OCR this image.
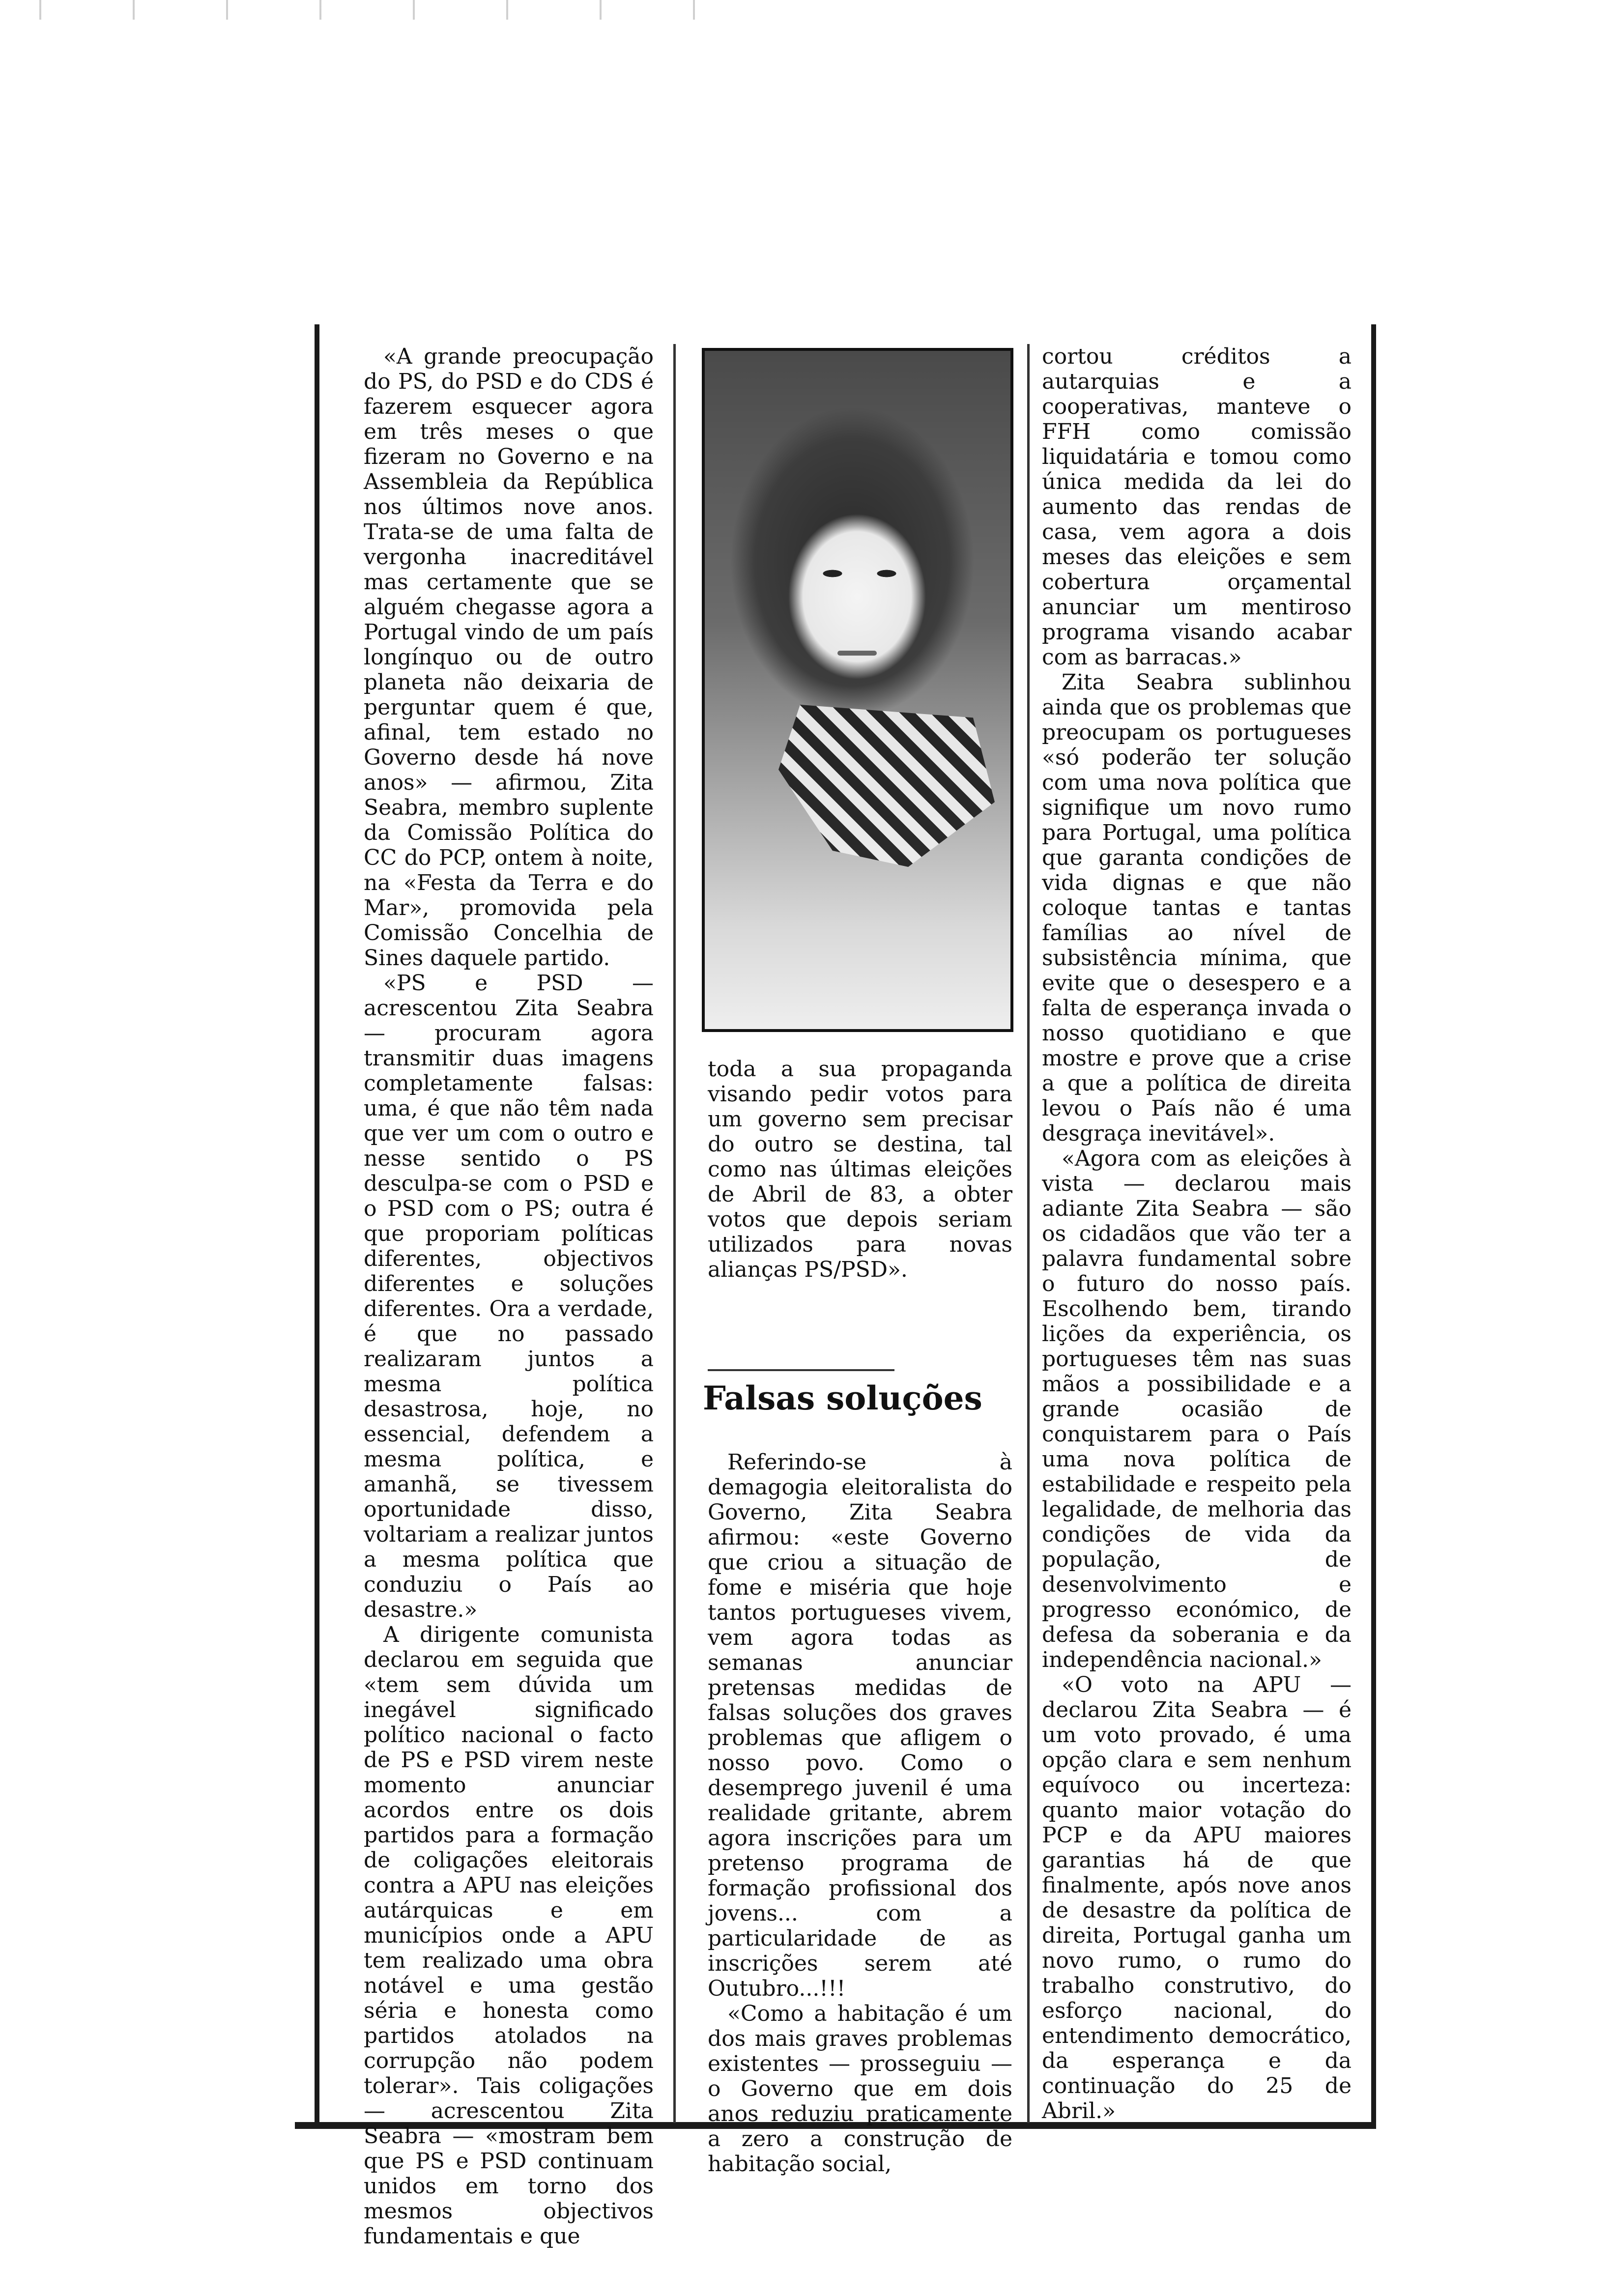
«A grande preocupação do PS, do PSD e do CDS é fazerem esquecer agora em três meses o que fizeram no Governo e na Assembleia da República nos últimos nove anos. Trata-se de uma falta de vergonha inacreditável mas certamente que se alguém chegasse agora a Portugal vindo de um país longínquo ou de outro planeta não deixaria de perguntar quem é que, afinal, tem estado no Governo desde há nove anos» — afirmou, Zita Seabra, membro suplente da Comissão Política do CC do PCP, ontem à noite, na «Festa da Terra e do Mar», promovida pela Comissão Concelhia de Sines daquele partido.

«PS e PSD — acrescentou Zita Seabra — procuram agora transmitir duas imagens completamente falsas: uma, é que não têm nada que ver um com o outro e nesse sentido o PS desculpa-se com o PSD e o PSD com o PS; outra é que proporiam políticas diferentes, objectivos diferentes e soluções diferentes. Ora a verdade, é que no passado realizaram juntos a mesma política desastrosa, hoje, no essencial, defendem a mesma política, e amanhã, se tivessem oportunidade disso, voltariam a realizar juntos a mesma política que conduziu o País ao desastre.»

A dirigente comunista declarou em seguida que «tem sem dúvida um inegável significado político nacional o facto de PS e PSD virem neste momento anunciar acordos entre os dois partidos para a formação de coligações eleitorais contra a APU nas eleições autárquicas e em municípios onde a APU tem realizado uma obra notável e uma gestão séria e honesta como partidos atolados na corrupção não podem tolerar». Tais coligações — acrescentou Zita Seabra — «mostram bem que PS e PSD continuam unidos em torno dos mesmos objectivos fundamentais e que

toda a sua propaganda visando pedir votos para um governo sem precisar do outro se destina, tal como nas últimas eleições de Abril de 83, a obter votos que depois seriam utilizados para novas alianças PS/PSD».

Falsas soluções

Referindo-se à demagogia eleitoralista do Governo, Zita Seabra afirmou: «este Governo que criou a situação de fome e miséria que hoje tantos portugueses vivem, vem agora todas as semanas anunciar pretensas medidas de falsas soluções dos graves problemas que afligem o nosso povo. Como o desemprego juvenil é uma realidade gritante, abrem agora inscrições para um pretenso programa de formação profissional dos jovens... com a particularidade de as inscrições serem até Outubro...!!!

«Como a habitação é um dos mais graves problemas existentes — prosseguiu — o Governo que em dois anos reduziu praticamente a zero a construção de habitação social,

cortou créditos a autarquias e a cooperativas, manteve o FFH como comissão liquidatária e tomou como única medida da lei do aumento das rendas de casa, vem agora a dois meses das eleições e sem cobertura orçamental anunciar um mentiroso programa visando acabar com as barracas.»

Zita Seabra sublinhou ainda que os problemas que preocupam os portugueses «só poderão ter solução com uma nova política que signifique um novo rumo para Portugal, uma política que garanta condições de vida dignas e que não coloque tantas e tantas famílias ao nível de subsistência mínima, que evite que o desespero e a falta de esperança invada o nosso quotidiano e que mostre e prove que a crise a que a política de direita levou o País não é uma desgraça inevitável».

«Agora com as eleições à vista — declarou mais adiante Zita Seabra — são os cidadãos que vão ter a palavra fundamental sobre o futuro do nosso país. Escolhendo bem, tirando lições da experiência, os portugueses têm nas suas mãos a possibilidade e a grande ocasião de conquistarem para o País uma nova política de estabilidade e respeito pela legalidade, de melhoria das condições de vida da população, de desenvolvimento e progresso económico, de defesa da soberania e da independência nacional.»

«O voto na APU — declarou Zita Seabra — é um voto provado, é uma opção clara e sem nenhum equívoco ou incerteza: quanto maior votação do PCP e da APU maiores garantias há de que finalmente, após nove anos de desastre da política de direita, Portugal ganha um novo rumo, o rumo do trabalho construtivo, do esforço nacional, do entendimento democrático, da esperança e da continuação do 25 de Abril.»
